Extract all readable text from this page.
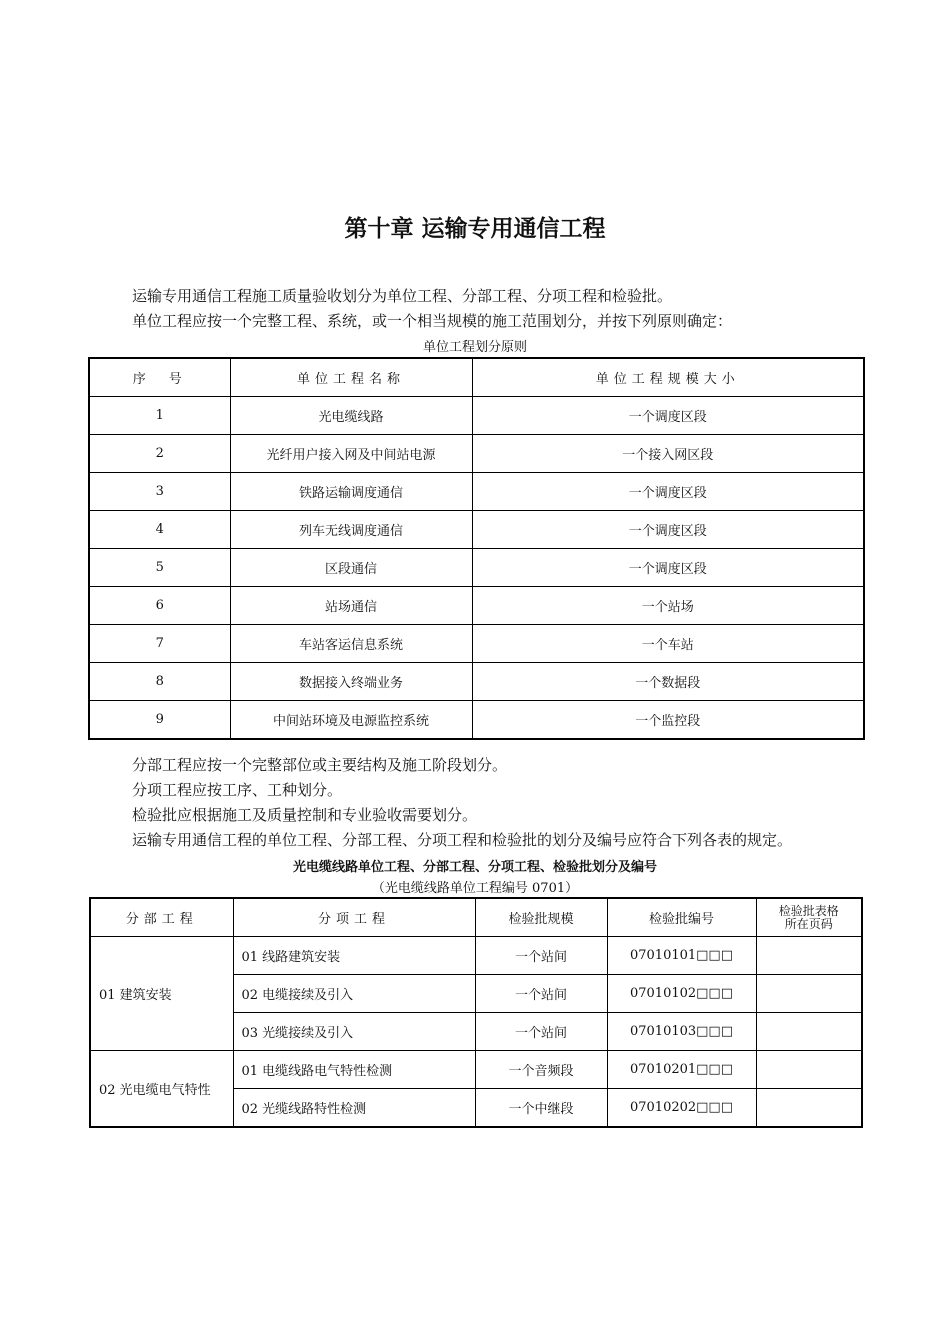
第十章 运输专用通信工程
运输专用通信工程施工质量验收划分为单位工程、分部工程、分项工程和检验批。
单位工程应按一个完整工程、系统，或一个相当规模的施工范围划分，并按下列原则确定：
单位工程划分原则
序　号	单位工程名称	单位工程规模大小
1	光电缆线路	一个调度区段
2	光纤用户接入网及中间站电源	一个接入网区段
3	铁路运输调度通信	一个调度区段
4	列车无线调度通信	一个调度区段
5	区段通信	一个调度区段
6	站场通信	一个站场
7	车站客运信息系统	一个车站
8	数据接入终端业务	一个数据段
9	中间站环境及电源监控系统	一个监控段
分部工程应按一个完整部位或主要结构及施工阶段划分。
分项工程应按工序、工种划分。
检验批应根据施工及质量控制和专业验收需要划分。
运输专用通信工程的单位工程、分部工程、分项工程和检验批的划分及编号应符合下列各表的规定。
光电缆线路单位工程、分部工程、分项工程、检验批划分及编号
（光电缆线路单位工程编号 0701）
分部工程	分项工程	检验批规模	检验批编号	检验批表格
所在页码

01 建筑安装	01 线路建筑安装	一个站间	07010101□□□	
	02 电缆接续及引入	一个站间	07010102□□□	
	03 光缆接续及引入	一个站间	07010103□□□	
02 光电缆电气特性	01 电缆线路电气特性检测	一个音频段	07010201□□□	
	02 光缆线路特性检测	一个中继段	07010202□□□	
